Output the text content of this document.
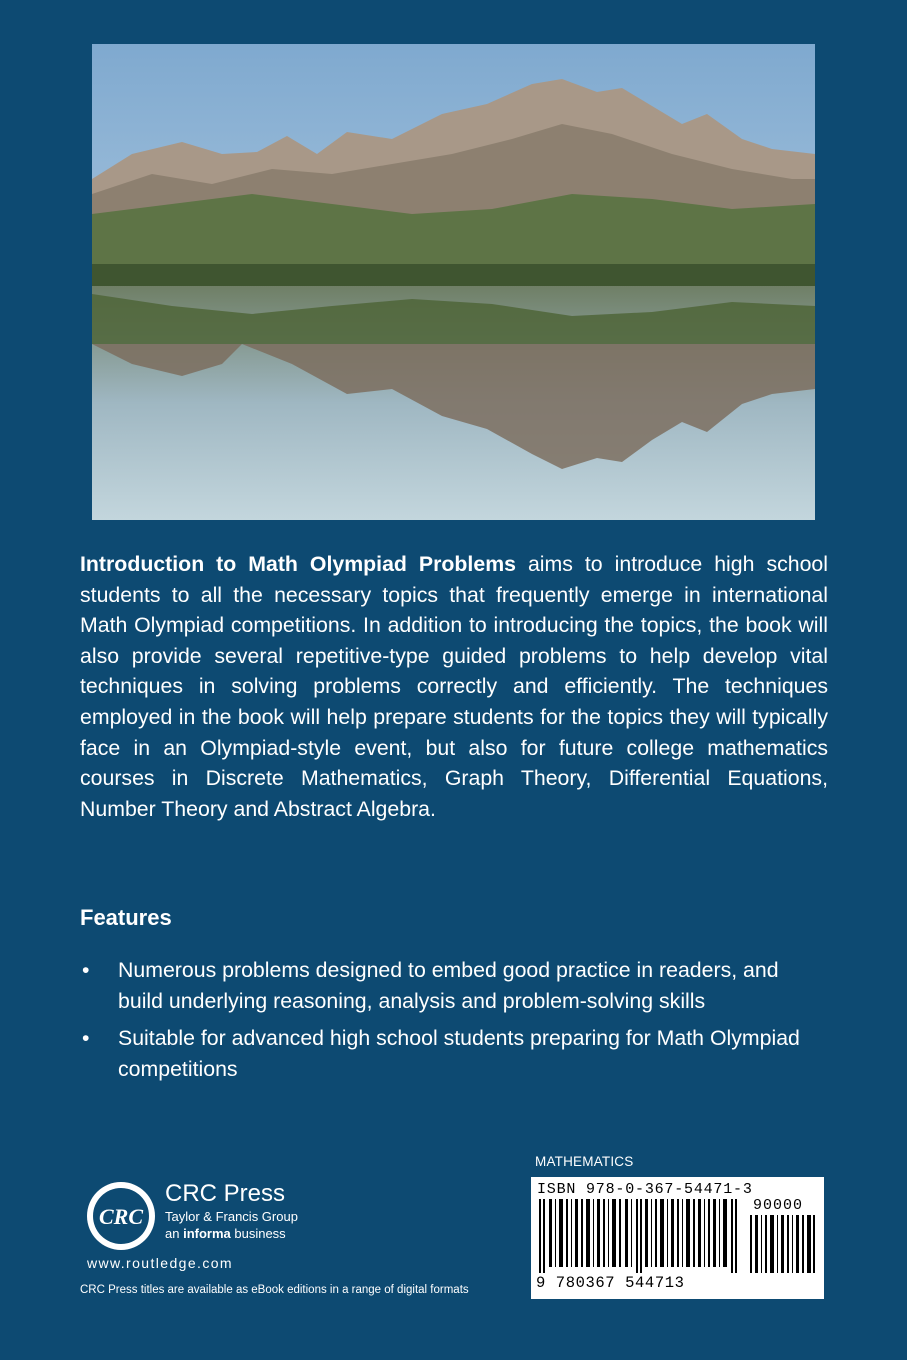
Introduction to Math Olympiad Problems aims to introduce high school students to all the necessary topics that frequently emerge in international Math Olympiad competitions. In addition to introducing the topics, the book will also provide several repetitive-type guided problems to help develop vital techniques in solving problems correctly and efficiently. The techniques employed in the book will help prepare students for the topics they will typically face in an Olympiad-style event, but also for future college mathematics courses in Discrete Mathematics, Graph Theory, Differential Equations, Number Theory and Abstract Algebra.

Features
• Numerous problems designed to embed good practice in readers, and build underlying reasoning, analysis and problem-solving skills
• Suitable for advanced high school students preparing for Math Olympiad competitions
MATHEMATICS
ISBN 978-0-367-54471-3
90000
9 780367 544713
CRC
CRC Press
Taylor & Francis Group
an informa business
www.routledge.com
CRC Press titles are available as eBook editions in a range of digital formats
